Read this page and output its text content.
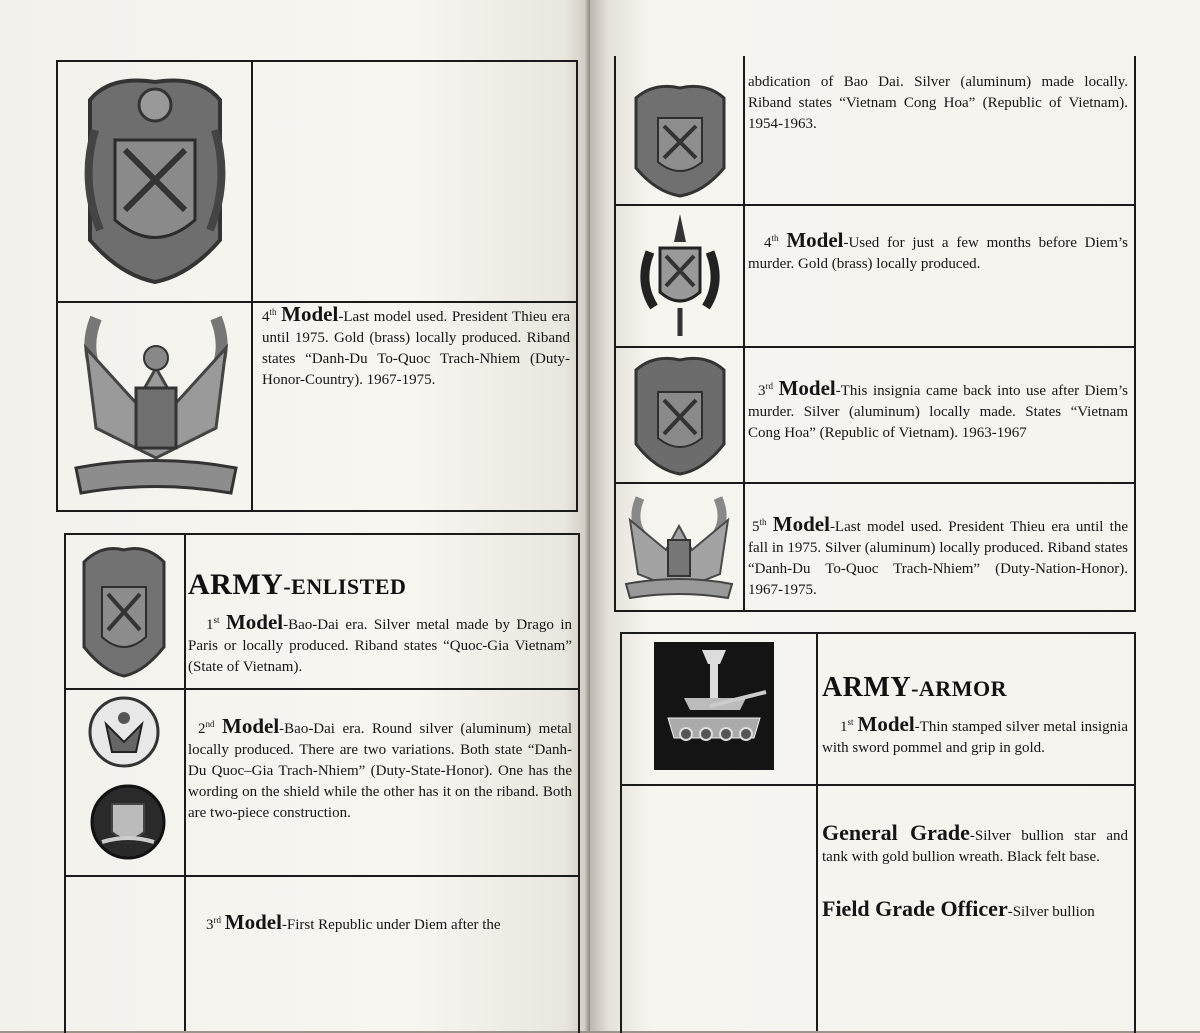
4th Model-Last model used. President Thieu era until 1975. Gold (brass) locally produced. Riband states “Danh-Du To-Quoc Trach-Nhiem (Duty-Honor-Country). 1967-1975.
ARMY-ENLISTED
1st Model-Bao-Dai era. Silver metal made by Drago in Paris or locally produced. Riband states “Quoc-Gia Vietnam” (State of Vietnam).
2nd Model-Bao-Dai era. Round silver (aluminum) metal locally produced. There are two variations. Both state “Danh-Du Quoc–Gia Trach-Nhiem” (Duty-State-Honor). One has the wording on the shield while the other has it on the riband. Both are two-piece construction.
3rd Model-First Republic under Diem after the
abdication of Bao Dai. Silver (aluminum) made locally. Riband states “Vietnam Cong Hoa” (Republic of Vietnam). 1954-1963.
4th Model-Used for just a few months before Diem’s murder. Gold (brass) locally produced.
3rd Model-This insignia came back into use after Diem’s murder. Silver (aluminum) locally made. States “Vietnam Cong Hoa” (Republic of Vietnam). 1963-1967
5th Model-Last model used. President Thieu era until the fall in 1975. Silver (aluminum) locally produced. Riband states “Danh-Du To-Quoc Trach-Nhiem” (Duty-Nation-Honor). 1967-1975.
ARMY-ARMOR
1st Model-Thin stamped silver metal insignia with sword pommel and grip in gold.
General Grade-Silver bullion star and tank with gold bullion wreath. Black felt base.
Field Grade Officer-Silver bullion
